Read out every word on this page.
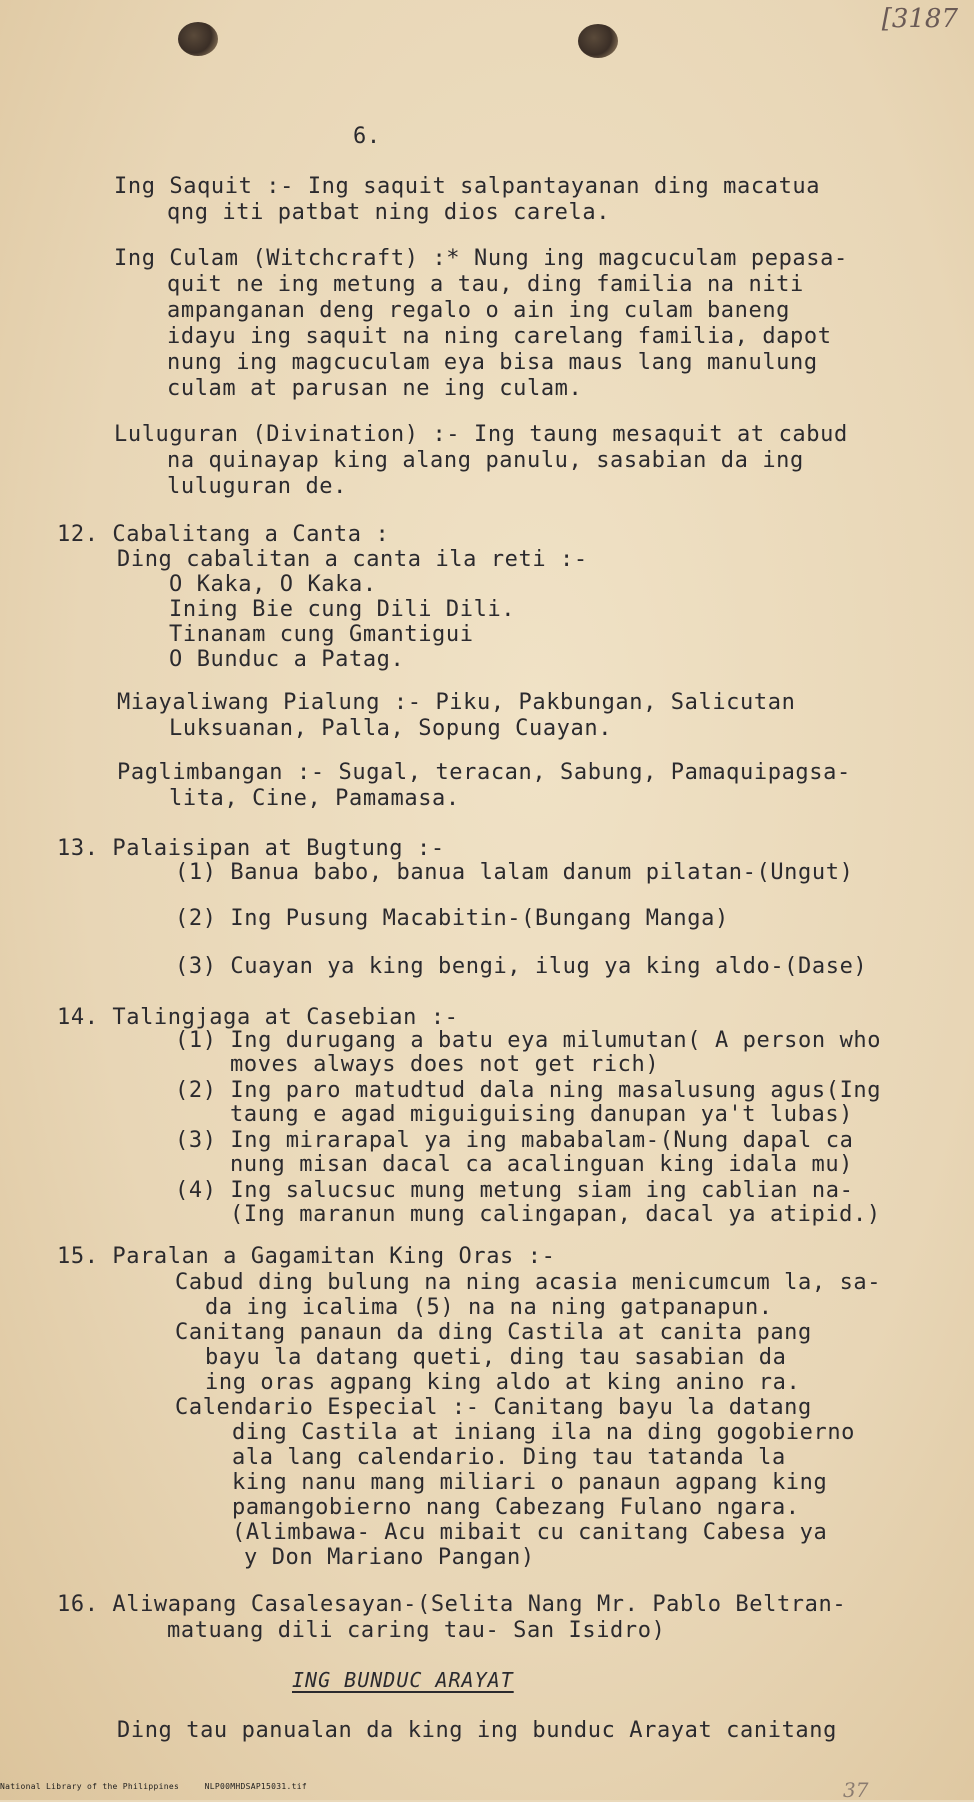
[3187
6.
Ing Saquit :- Ing saquit salpantayanan ding macatua
qng iti patbat ning dios carela.
Ing Culam (Witchcraft) :* Nung ing magcuculam pepasa-
quit ne ing metung a tau, ding familia na niti
ampanganan deng regalo o ain ing culam baneng
idayu ing saquit na ning carelang familia, dapot
nung ing magcuculam eya bisa maus lang manulung
culam at parusan ne ing culam.
Luluguran (Divination) :- Ing taung mesaquit at cabud
na quinayap king alang panulu, sasabian da ing
luluguran de.
12. Cabalitang a Canta :
Ding cabalitan a canta ila reti :-
O Kaka, O Kaka.
Ining Bie cung Dili Dili.
Tinanam cung Gmantigui
O Bunduc a Patag.
Miayaliwang Pialung :- Piku, Pakbungan, Salicutan
Luksuanan, Palla, Sopung Cuayan.
Paglimbangan :- Sugal, teracan, Sabung, Pamaquipagsa-
lita, Cine, Pamamasa.
13. Palaisipan at Bugtung :-
(1) Banua babo, banua lalam danum pilatan-(Ungut)
(2) Ing Pusung Macabitin-(Bungang Manga)
(3) Cuayan ya king bengi, ilug ya king aldo-(Dase)
14. Talingjaga at Casebian :-
(1) Ing durugang a batu eya milumutan( A person who
moves always does not get rich)
(2) Ing paro matudtud dala ning masalusung agus(Ing
taung e agad miguiguising danupan ya't lubas)
(3) Ing mirarapal ya ing mababalam-(Nung dapal ca
nung misan dacal ca acalinguan king idala mu)
(4) Ing salucsuc mung metung siam ing cablian na-
(Ing maranun mung calingapan, dacal ya atipid.)
15. Paralan a Gagamitan King Oras :-
Cabud ding bulung na ning acasia menicumcum la, sa-
da ing icalima (5) na na ning gatpanapun.
Canitang panaun da ding Castila at canita pang
bayu la datang queti, ding tau sasabian da
ing oras agpang king aldo at king anino ra.
Calendario Especial :- Canitang bayu la datang
ding Castila at iniang ila na ding gogobierno
ala lang calendario. Ding tau tatanda la
king nanu mang miliari o panaun agpang king
pamangobierno nang Cabezang Fulano ngara.
(Alimbawa- Acu mibait cu canitang Cabesa ya
y Don Mariano Pangan)
16. Aliwapang Casalesayan-(Selita Nang Mr. Pablo Beltran-
matuang dili caring tau- San Isidro)
ING BUNDUC ARAYAT
Ding tau panualan da king ing bunduc Arayat canitang
National Library of the Philippines     NLP00MHDSAP15031.tif	37
